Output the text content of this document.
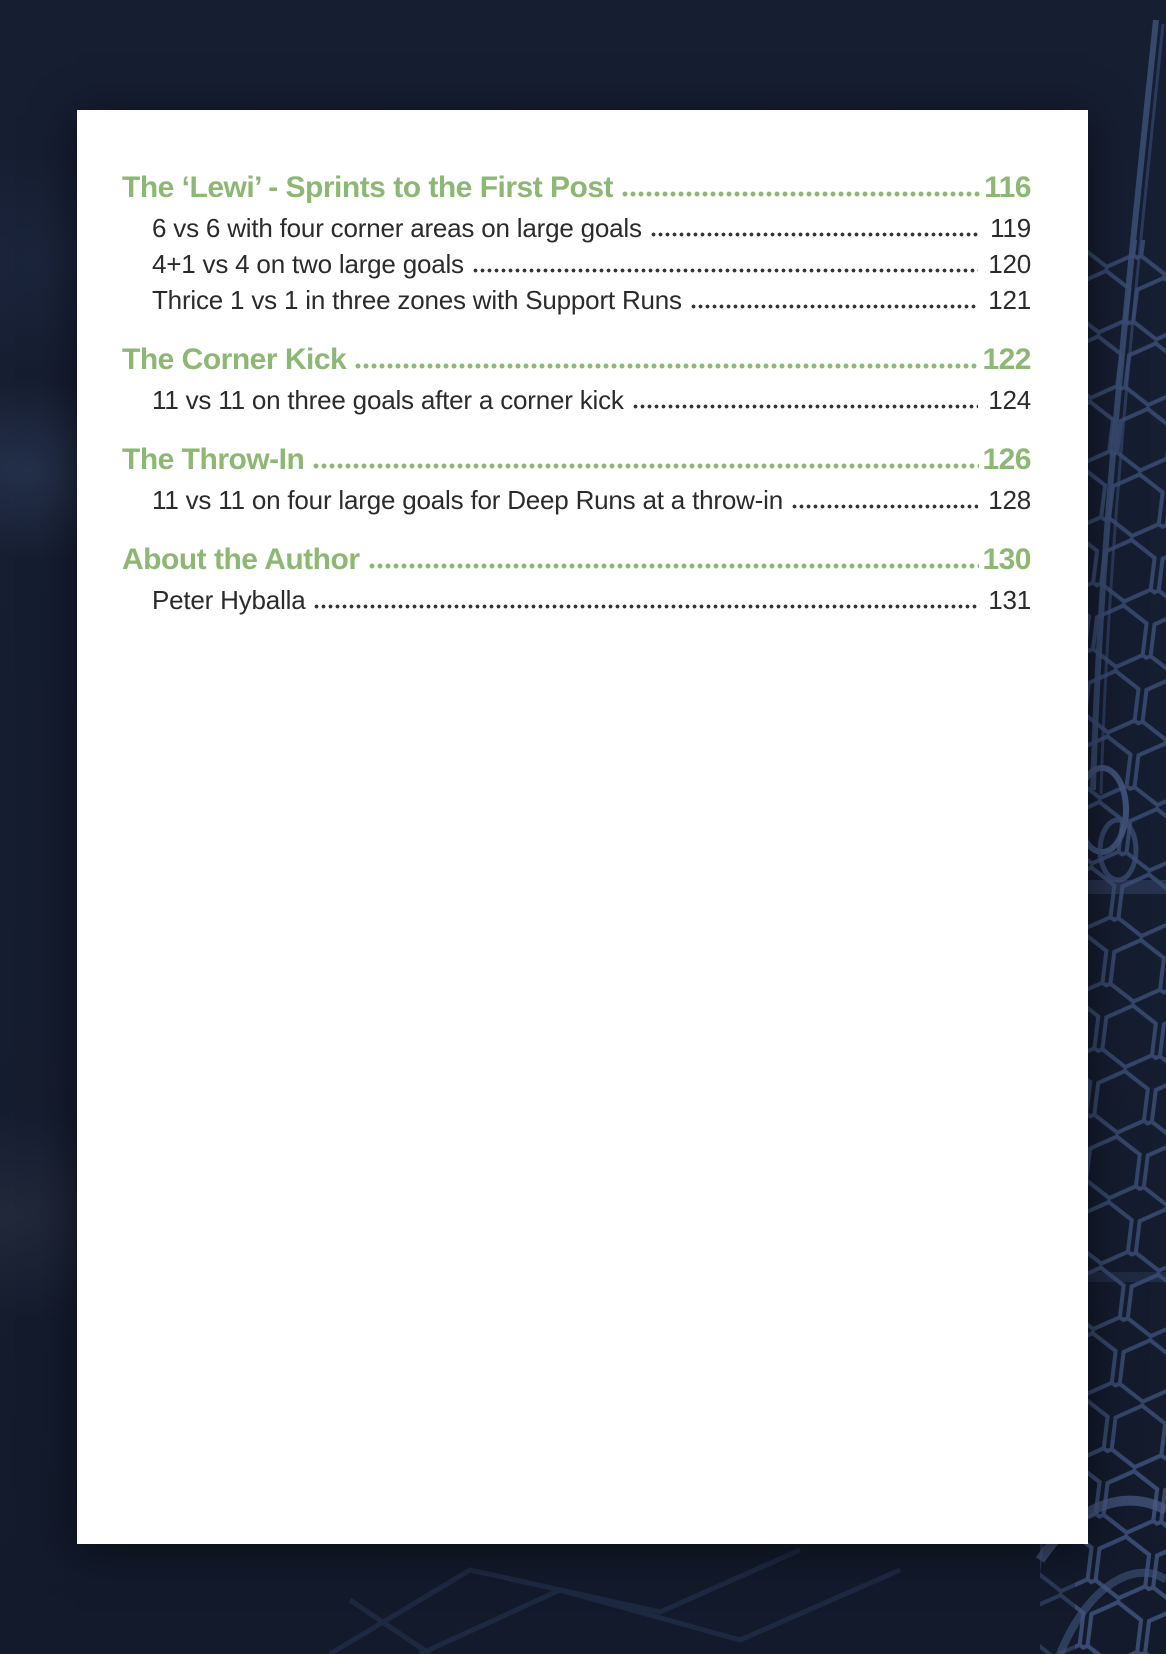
The ‘Lewi’ - Sprints to the First Post	116
6 vs 6 with four corner areas on large goals	119
4+1 vs 4 on two large goals	120
Thrice 1 vs 1 in three zones with Support Runs	121
The Corner Kick	122
11 vs 11 on three goals after a corner kick	124
The Throw-In	126
11 vs 11 on four large goals for Deep Runs at a throw-in	128
About the Author	130
Peter Hyballa	131
